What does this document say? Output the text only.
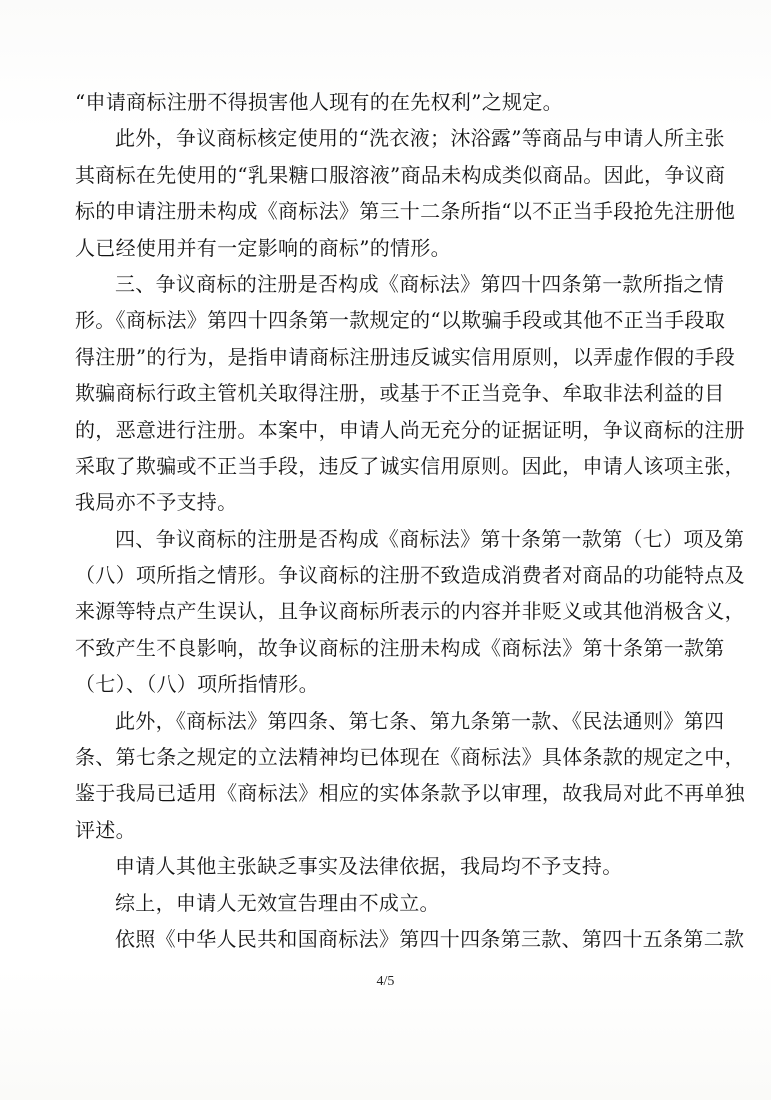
“申请商标注册不得损害他人现有的在先权利”之规定。
此外，争议商标核定使用的“洗衣液；沐浴露”等商品与申请人所主张
其商标在先使用的“乳果糖口服溶液”商品未构成类似商品。因此，争议商
标的申请注册未构成《商标法》第三十二条所指“以不正当手段抢先注册他
人已经使用并有一定影响的商标”的情形。
三、争议商标的注册是否构成《商标法》第四十四条第一款所指之情
形。《商标法》第四十四条第一款规定的“以欺骗手段或其他不正当手段取
得注册”的行为，是指申请商标注册违反诚实信用原则，以弄虚作假的手段
欺骗商标行政主管机关取得注册，或基于不正当竞争、牟取非法利益的目
的，恶意进行注册。本案中，申请人尚无充分的证据证明，争议商标的注册
采取了欺骗或不正当手段，违反了诚实信用原则。因此，申请人该项主张，
我局亦不予支持。
四、争议商标的注册是否构成《商标法》第十条第一款第（七）项及第
（八）项所指之情形。争议商标的注册不致造成消费者对商品的功能特点及
来源等特点产生误认，且争议商标所表示的内容并非贬义或其他消极含义，
不致产生不良影响，故争议商标的注册未构成《商标法》第十条第一款第
（七）、（八）项所指情形。
此外，《商标法》第四条、第七条、第九条第一款、《民法通则》第四
条、第七条之规定的立法精神均已体现在《商标法》具体条款的规定之中，
鉴于我局已适用《商标法》相应的实体条款予以审理，故我局对此不再单独
评述。
申请人其他主张缺乏事实及法律依据，我局均不予支持。
综上，申请人无效宣告理由不成立。
依照《中华人民共和国商标法》第四十四条第三款、第四十五条第二款
4/5
